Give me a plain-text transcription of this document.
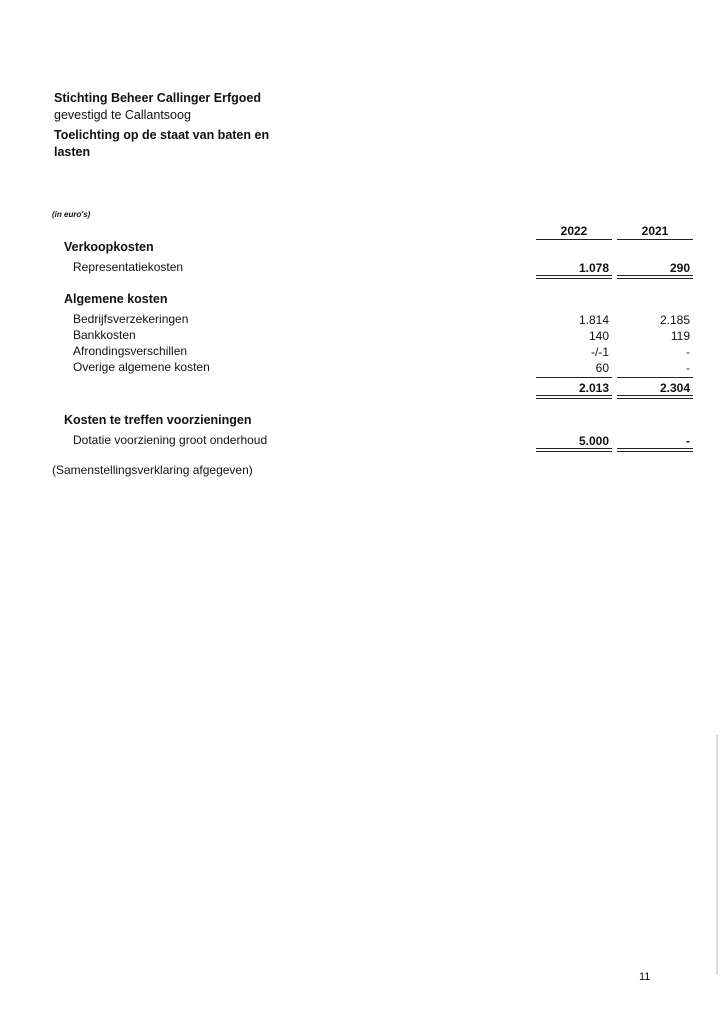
Stichting Beheer Callinger Erfgoed
gevestigd te Callantsoog
Toelichting op de staat van baten en lasten
(in euro's)
2022	2021
Verkoopkosten
Representatiekosten	1.078	290
Algemene kosten
Bedrijfsverzekeringen	1.814	2.185
Bankkosten	140	119
Afrondingsverschillen	-/-1	-
Overige algemene kosten	60	-
2.013	2.304
Kosten te treffen voorzieningen
Dotatie voorziening groot onderhoud	5.000	-
(Samenstellingsverklaring afgegeven)
11
